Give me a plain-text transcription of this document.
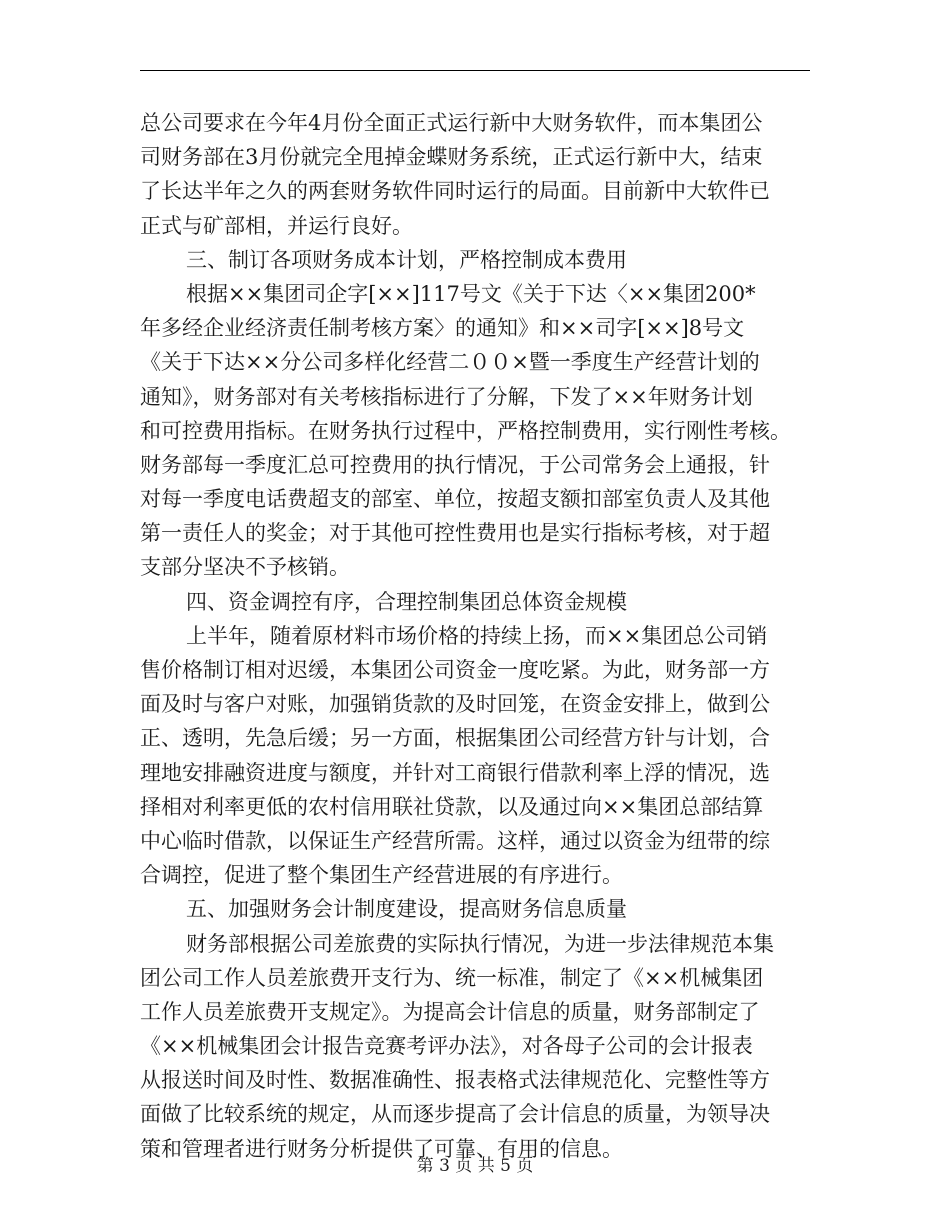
总公司要求在今年4月份全面正式运行新中大财务软件，而本集团公
司财务部在3月份就完全甩掉金蝶财务系统，正式运行新中大，结束
了长达半年之久的两套财务软件同时运行的局面。目前新中大软件已
正式与矿部相，并运行良好。
三、制订各项财务成本计划，严格控制成本费用
根据××集团司企字[××]117号文《关于下达〈××集团200*
年多经企业经济责任制考核方案〉的通知》和××司字[××]8号文
《关于下达××分公司多样化经营二００×暨一季度生产经营计划的
通知》，财务部对有关考核指标进行了分解，下发了××年财务计划
和可控费用指标。在财务执行过程中，严格控制费用，实行刚性考核。
财务部每一季度汇总可控费用的执行情况，于公司常务会上通报，针
对每一季度电话费超支的部室、单位，按超支额扣部室负责人及其他
第一责任人的奖金；对于其他可控性费用也是实行指标考核，对于超
支部分坚决不予核销。
四、资金调控有序，合理控制集团总体资金规模
上半年，随着原材料市场价格的持续上扬，而××集团总公司销
售价格制订相对迟缓，本集团公司资金一度吃紧。为此，财务部一方
面及时与客户对账，加强销货款的及时回笼，在资金安排上，做到公
正、透明，先急后缓；另一方面，根据集团公司经营方针与计划，合
理地安排融资进度与额度，并针对工商银行借款利率上浮的情况，选
择相对利率更低的农村信用联社贷款，以及通过向××集团总部结算
中心临时借款，以保证生产经营所需。这样，通过以资金为纽带的综
合调控，促进了整个集团生产经营进展的有序进行。
五、加强财务会计制度建设，提高财务信息质量
财务部根据公司差旅费的实际执行情况，为进一步法律规范本集
团公司工作人员差旅费开支行为、统一标准，制定了《××机械集团
工作人员差旅费开支规定》。为提高会计信息的质量，财务部制定了
《××机械集团会计报告竞赛考评办法》，对各母子公司的会计报表
从报送时间及时性、数据准确性、报表格式法律规范化、完整性等方
面做了比较系统的规定，从而逐步提高了会计信息的质量，为领导决
策和管理者进行财务分析提供了可靠、有用的信息。
第 3 页 共 5 页
